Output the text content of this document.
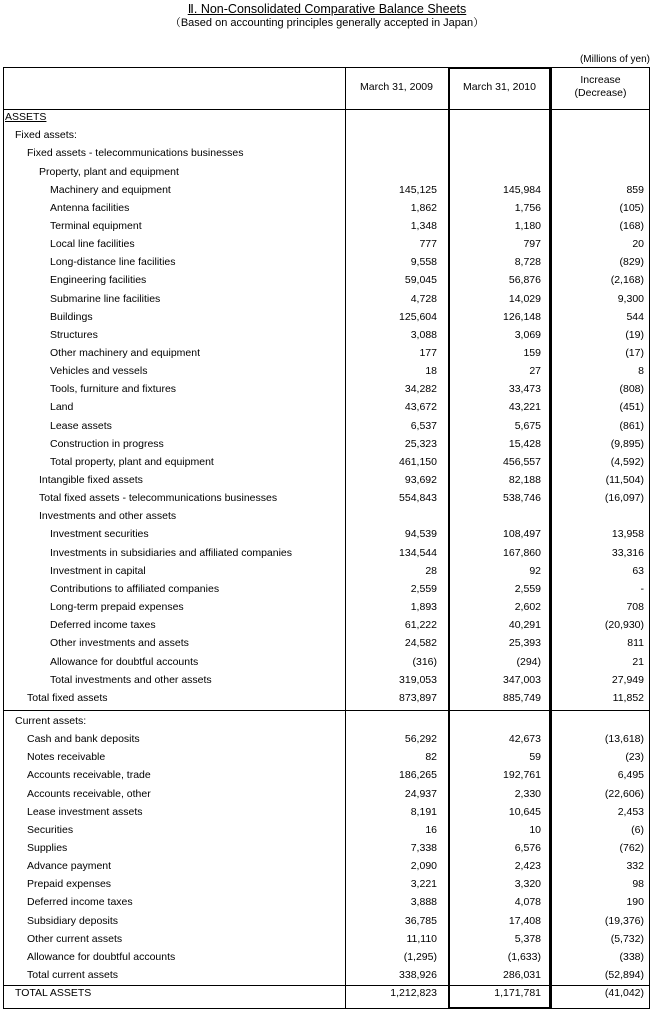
Ⅱ. Non-Consolidated Comparative Balance Sheets
（Based on accounting principles generally accepted in Japan）
(Millions of yen)
March 31, 2009	March 31, 2010
Increase
(Decrease)
ASSETS
Fixed assets:
Fixed assets - telecommunications businesses
Property, plant and equipment
Machinery and equipment	145,125	145,984	859
Antenna facilities	1,862	1,756	(105)
Terminal equipment	1,348	1,180	(168)
Local line facilities	777	797	20
Long-distance line facilities	9,558	8,728	(829)
Engineering facilities	59,045	56,876	(2,168)
Submarine line facilities	4,728	14,029	9,300
Buildings	125,604	126,148	544
Structures	3,088	3,069	(19)
Other machinery and equipment	177	159	(17)
Vehicles and vessels	18	27	8
Tools, furniture and fixtures	34,282	33,473	(808)
Land	43,672	43,221	(451)
Lease assets	6,537	5,675	(861)
Construction in progress	25,323	15,428	(9,895)
Total property, plant and equipment	461,150	456,557	(4,592)
Intangible fixed assets	93,692	82,188	(11,504)
Total fixed assets - telecommunications businesses	554,843	538,746	(16,097)
Investments and other assets
Investment securities	94,539	108,497	13,958
Investments in subsidiaries and affiliated companies	134,544	167,860	33,316
Investment in capital	28	92	63
Contributions to affiliated companies	2,559	2,559	-
Long-term prepaid expenses	1,893	2,602	708
Deferred income taxes	61,222	40,291	(20,930)
Other investments and assets	24,582	25,393	811
Allowance for doubtful accounts	(316)	(294)	21
Total investments and other assets	319,053	347,003	27,949
Total fixed assets	873,897	885,749	11,852
Current assets:
Cash and bank deposits	56,292	42,673	(13,618)
Notes receivable	82	59	(23)
Accounts receivable, trade	186,265	192,761	6,495
Accounts receivable, other	24,937	2,330	(22,606)
Lease investment assets	8,191	10,645	2,453
Securities	16	10	(6)
Supplies	7,338	6,576	(762)
Advance payment	2,090	2,423	332
Prepaid expenses	3,221	3,320	98
Deferred income taxes	3,888	4,078	190
Subsidiary deposits	36,785	17,408	(19,376)
Other current assets	11,110	5,378	(5,732)
Allowance for doubtful accounts	(1,295)	(1,633)	(338)
Total current assets	338,926	286,031	(52,894)
TOTAL ASSETS	1,212,823	1,171,781	(41,042)
